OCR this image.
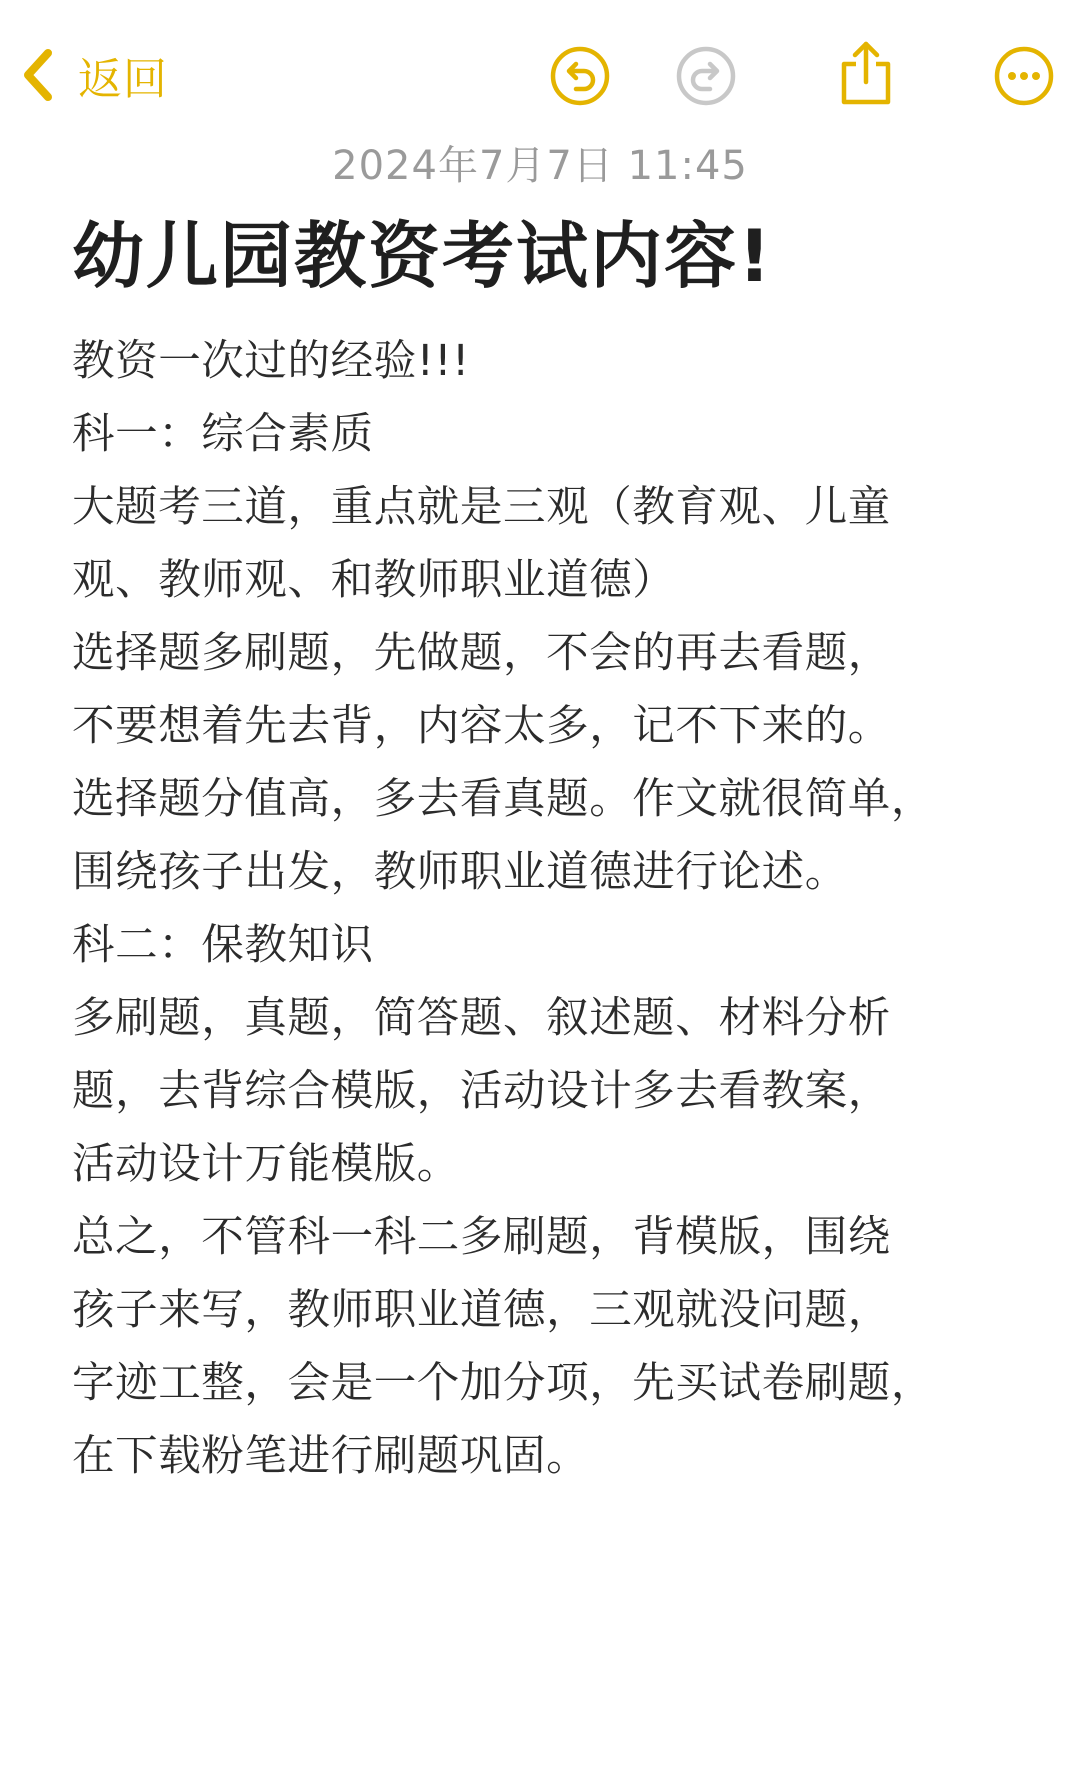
返回
2024年7月7日 11:45
幼儿园教资考试内容!
教资一次过的经验!!!
科一：综合素质
大题考三道，重点就是三观（教育观、儿童
观、教师观、和教师职业道德）
选择题多刷题，先做题，不会的再去看题，
不要想着先去背，内容太多，记不下来的。
选择题分值高，多去看真题。作文就很简单，
围绕孩子出发，教师职业道德进行论述。
科二：保教知识
多刷题，真题，简答题、叙述题、材料分析
题，去背综合模版，活动设计多去看教案，
活动设计万能模版。
总之，不管科一科二多刷题，背模版，围绕
孩子来写，教师职业道德，三观就没问题，
字迹工整，会是一个加分项，先买试卷刷题，
在下载粉笔进行刷题巩固。
